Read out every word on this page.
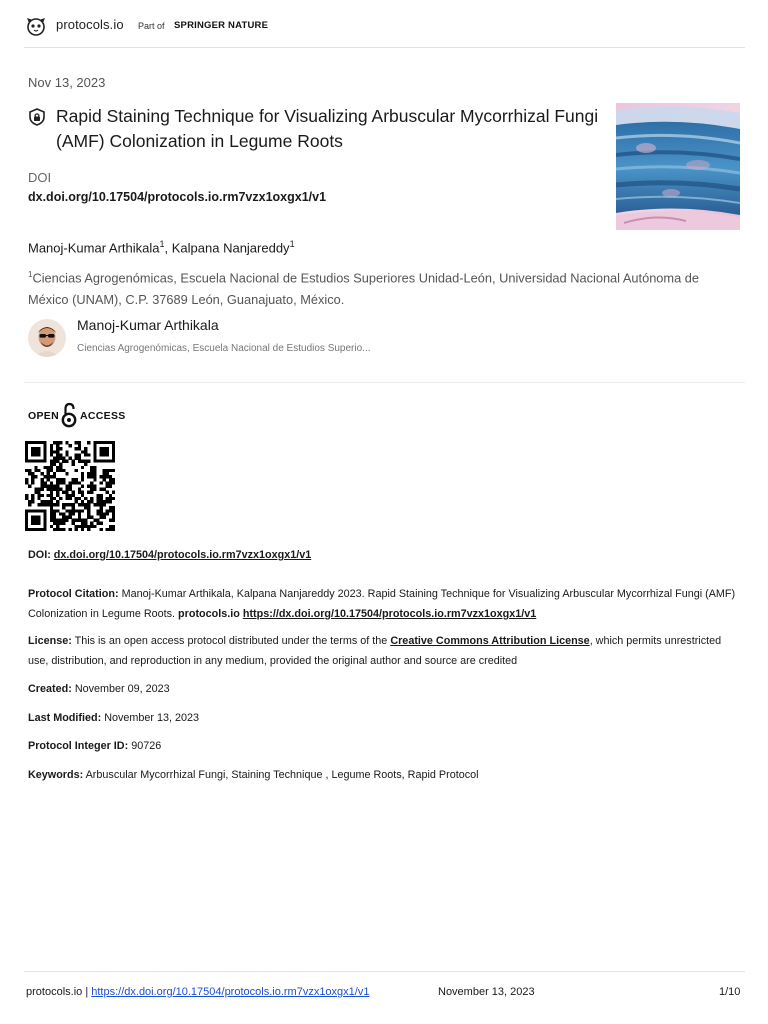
protocols.io Part of SPRINGER NATURE
Nov 13, 2023
Rapid Staining Technique for Visualizing Arbuscular Mycorrhizal Fungi (AMF) Colonization in Legume Roots
DOI
dx.doi.org/10.17504/protocols.io.rm7vzx1oxgx1/v1
Manoj-Kumar Arthikala$^1$, Kalpana Nanjareddy$^1$
$^1$Ciencias Agrogenómicas, Escuela Nacional de Estudios Superiores Unidad-León, Universidad Nacional Autónoma de México (UNAM), C.P. 37689 León, Guanajuato, México.
Manoj-Kumar Arthikala
Ciencias Agrogenómicas, Escuela Nacional de Estudios Superio...
OPEN ACCESS
DOI: dx.doi.org/10.17504/protocols.io.rm7vzx1oxgx1/v1
Protocol Citation: Manoj-Kumar Arthikala, Kalpana Nanjareddy 2023. Rapid Staining Technique for Visualizing Arbuscular Mycorrhizal Fungi (AMF) Colonization in Legume Roots. protocols.io https://dx.doi.org/10.17504/protocols.io.rm7vzx1oxgx1/v1
License: This is an open access protocol distributed under the terms of the Creative Commons Attribution License, which permits unrestricted use, distribution, and reproduction in any medium, provided the original author and source are credited
Created: November 09, 2023
Last Modified: November 13, 2023
Protocol Integer ID: 90726
Keywords: Arbuscular Mycorrhizal Fungi, Staining Technique , Legume Roots, Rapid Protocol
protocols.io | https://dx.doi.org/10.17504/protocols.io.rm7vzx1oxgx1/v1	November 13, 2023	1/10
